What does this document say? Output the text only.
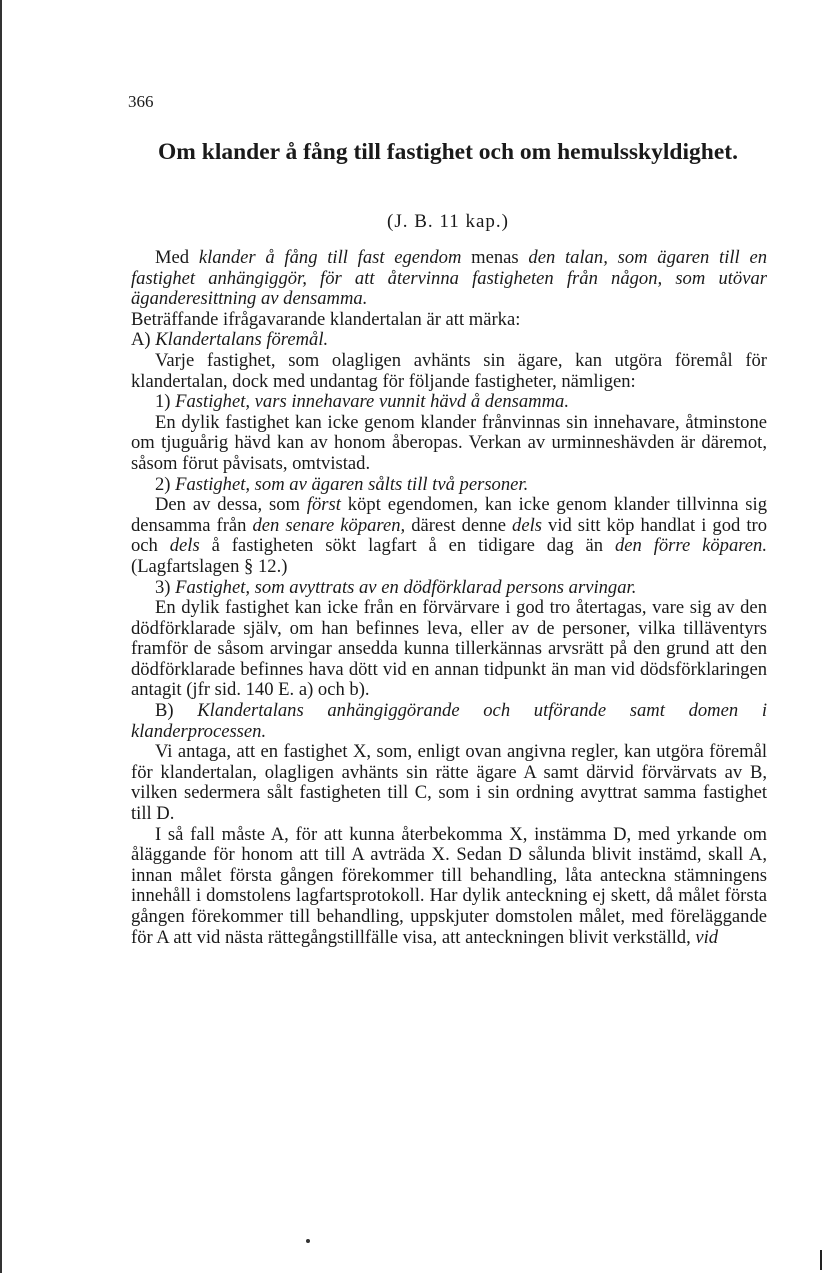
366
Om klander å fång till fastighet och om hemulsskyldighet.
(J. B. 11 kap.)

Med klander å fång till fast egendom menas den talan, som ägaren till en fastighet anhängiggör, för att återvinna fastigheten från någon, som utövar äganderesittning av densamma.

Beträffande ifrågavarande klandertalan är att märka:

A) Klandertalans föremål.

Varje fastighet, som olagligen avhänts sin ägare, kan utgöra föremål för klandertalan, dock med undantag för följande fastigheter, nämligen:

1) Fastighet, vars innehavare vunnit hävd å densamma.

En dylik fastighet kan icke genom klander frånvinnas sin innehavare, åtminstone om tjuguårig hävd kan av honom åberopas. Verkan av urminneshävden är däremot, såsom förut påvisats, omtvistad.

2) Fastighet, som av ägaren sålts till två personer.

Den av dessa, som först köpt egendomen, kan icke genom klander tillvinna sig densamma från den senare köparen, därest denne dels vid sitt köp handlat i god tro och dels å fastigheten sökt lagfart å en tidigare dag än den förre köparen. (Lagfartslagen § 12.)

3) Fastighet, som avyttrats av en dödförklarad persons arvingar.

En dylik fastighet kan icke från en förvärvare i god tro återtagas, vare sig av den dödförklarade själv, om han befinnes leva, eller av de personer, vilka tilläventyrs framför de såsom arvingar ansedda kunna tillerkännas arvsrätt på den grund att den dödförklarade befinnes hava dött vid en annan tidpunkt än man vid dödsförklaringen antagit (jfr sid. 140 E. a) och b).

B) Klandertalans anhängiggörande och utförande samt domen i klanderprocessen.

Vi antaga, att en fastighet X, som, enligt ovan angivna regler, kan utgöra föremål för klandertalan, olagligen avhänts sin rätte ägare A samt därvid förvärvats av B, vilken sedermera sålt fastigheten till C, som i sin ordning avyttrat samma fastighet till D.

I så fall måste A, för att kunna återbekomma X, instämma D, med yrkande om åläggande för honom att till A avträda X. Sedan D sålunda blivit instämd, skall A, innan målet första gången förekommer till behandling, låta anteckna stämningens innehåll i domstolens lagfartsprotokoll. Har dylik anteckning ej skett, då målet första gången förekommer till behandling, uppskjuter domstolen målet, med föreläggande för A att vid nästa rättegångstillfälle visa, att anteckningen blivit verkställd, vid
